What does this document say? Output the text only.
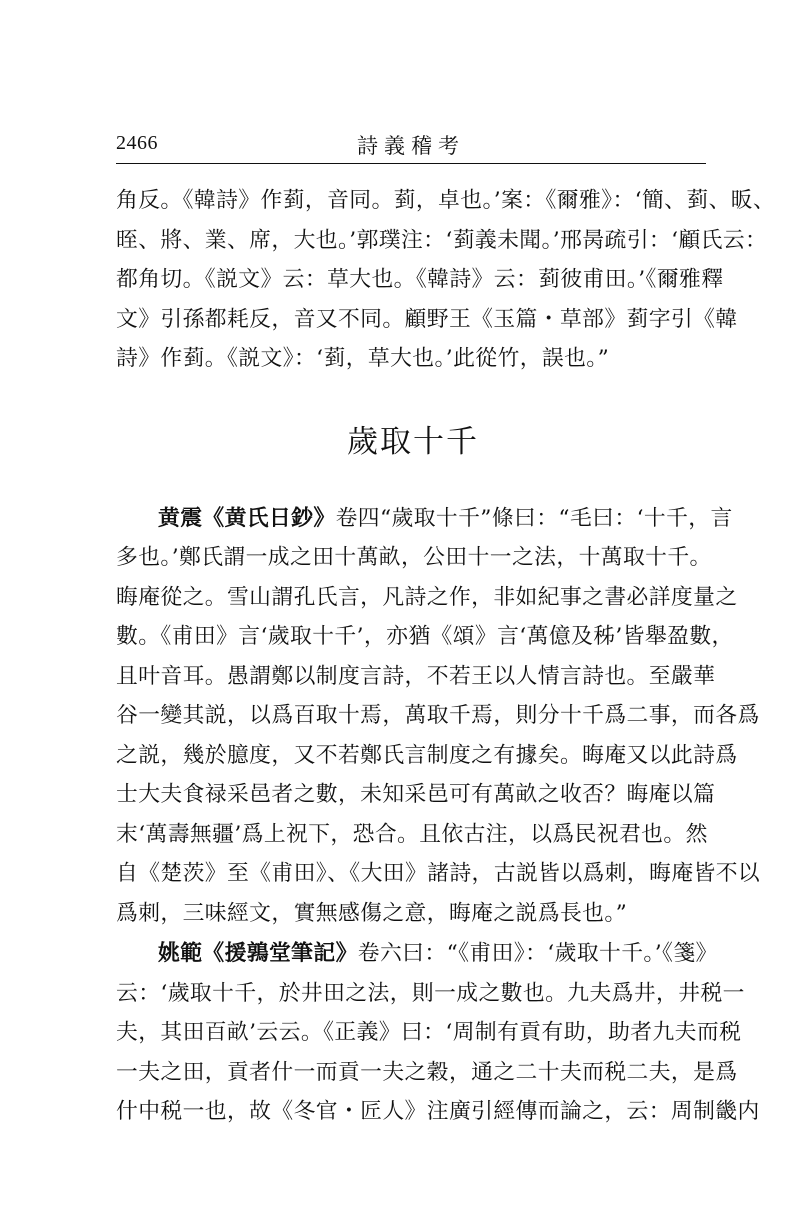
2466	詩義稽考
角反。《韓詩》作菿，音同。菿，卓也。’案：《爾雅》：‘簡、菿、昄、
晊、將、業、席，大也。’郭璞注：‘菿義未聞。’邢昺疏引：‘顧氏云：
都角切。《説文》云：草大也。《韓詩》云：菿彼甫田。’《爾雅釋
文》引孫都耗反，音又不同。顧野王《玉篇・草部》菿字引《韓
詩》作菿。《説文》：‘菿，草大也。’此從竹，誤也。”
歲取十千
黄震《黄氏日鈔》卷四“歲取十千”條曰：“毛曰：‘十千，言
多也。’鄭氏謂一成之田十萬畝，公田十一之法，十萬取十千。
晦庵從之。雪山謂孔氏言，凡詩之作，非如紀事之書必詳度量之
數。《甫田》言‘歲取十千’，亦猶《頌》言‘萬億及秭’皆舉盈數，
且叶音耳。愚謂鄭以制度言詩，不若王以人情言詩也。至嚴華
谷一變其説，以爲百取十焉，萬取千焉，則分十千爲二事，而各爲
之説，幾於臆度，又不若鄭氏言制度之有據矣。晦庵又以此詩爲
士大夫食禄采邑者之數，未知采邑可有萬畝之收否？晦庵以篇
末‘萬壽無疆’爲上祝下，恐合。且依古注，以爲民祝君也。然
自《楚茨》至《甫田》、《大田》諸詩，古説皆以爲刺，晦庵皆不以
爲刺，三味經文，實無感傷之意，晦庵之説爲長也。”
姚範《援鶉堂筆記》卷六曰：“《甫田》：‘歲取十千。’《箋》
云：‘歲取十千，於井田之法，則一成之數也。九夫爲井，井税一
夫，其田百畝’云云。《正義》曰：‘周制有貢有助，助者九夫而税
一夫之田，貢者什一而貢一夫之穀，通之二十夫而税二夫，是爲
什中税一也，故《冬官・匠人》注廣引經傳而論之，云：周制畿内
